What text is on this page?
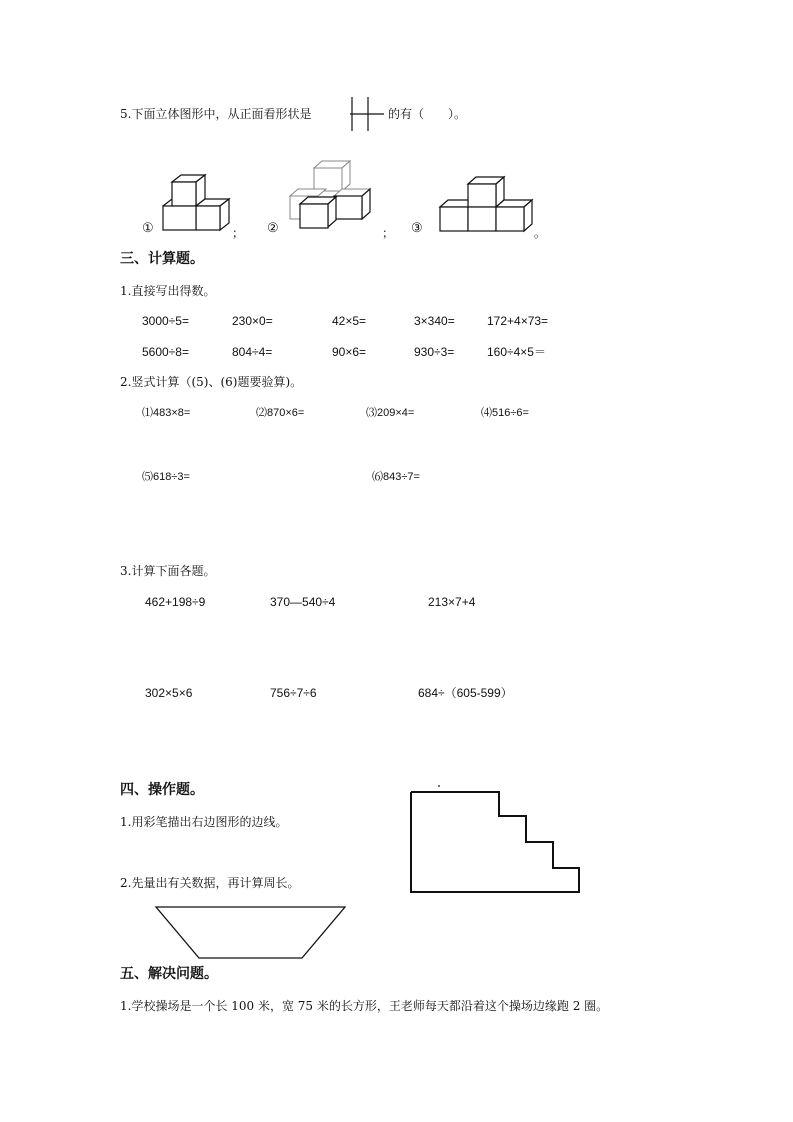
5.下面立体图形中，从正面看形状是	的有（　　）。
①	； ②	； ③	。
三、计算题。
1.直接写出得数。
3000÷5=	230×0=	42×5=	3×340=	172+4×73=
5600÷8=	804÷4=	90×6=	930÷3=	160÷4×5＝
2.竖式计算（(5)、(6)题要验算)。
⑴483×8=	⑵870×6=	⑶209×4=	⑷516÷6=
⑸618÷3=	⑹843÷7=
3.计算下面各题。
462+198÷9	370—540÷4	213×7+4
302×5×6	756÷7÷6	684÷（605-599）
四、操作题。
1.用彩笔描出右边图形的边线。
2.先量出有关数据，再计算周长。
五、解决问题。
1.学校操场是一个长 100 米，宽 75 米的长方形，王老师每天都沿着这个操场边缘跑 2 圈。
